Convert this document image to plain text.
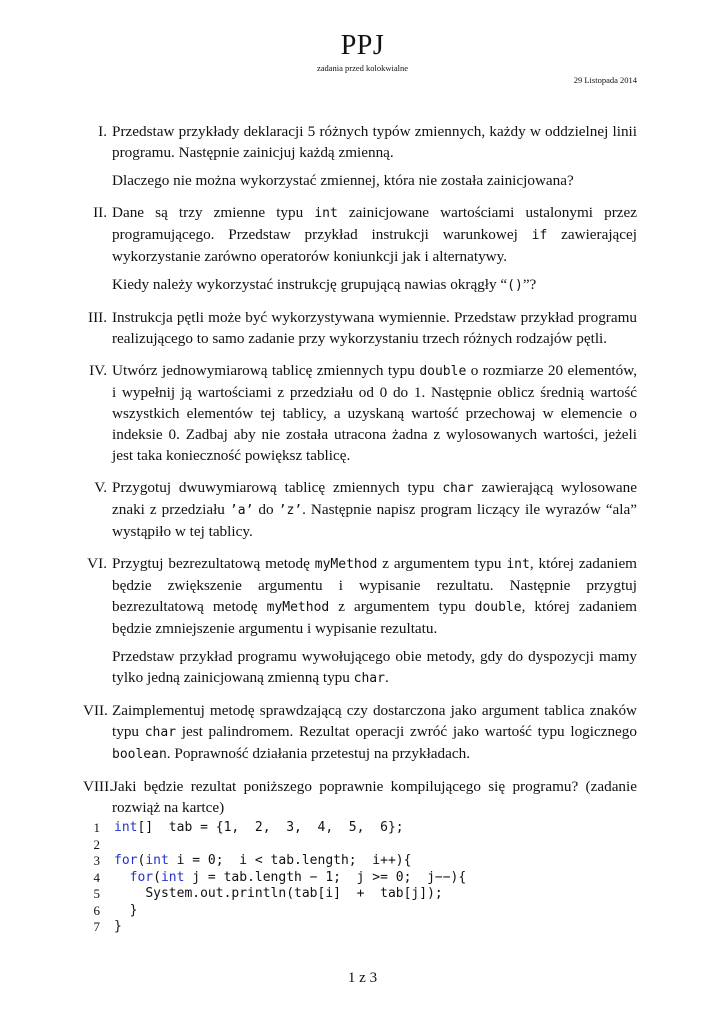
PPJ
zadania przed kolokwialne
29 Listopada 2014
I. Przedstaw przykłady deklaracji 5 różnych typów zmiennych, każdy w oddzielnej linii programu. Następnie zainicjuj każdą zmienną.

Dlaczego nie można wykorzystać zmiennej, która nie została zainicjowana?

II. Dane są trzy zmienne typu int zainicjowane wartościami ustalonymi przez programującego. Przedstaw przykład instrukcji warunkowej if zawierającej wykorzystanie zarówno operatorów koniunkcji jak i alternatywy.

Kiedy należy wykorzystać instrukcję grupującą nawias okrągły “()”?

III. Instrukcja pętli może być wykorzystywana wymiennie. Przedstaw przykład programu realizującego to samo zadanie przy wykorzystaniu trzech różnych rodzajów pętli.

IV. Utwórz jednowymiarową tablicę zmiennych typu double o rozmiarze 20 elementów, i wypełnij ją wartościami z przedziału od 0 do 1. Następnie oblicz średnią wartość wszystkich elementów tej tablicy, a uzyskaną wartość przechowaj w elemencie o indeksie 0. Zadbaj aby nie została utracona żadna z wylosowanych wartości, jeżeli jest taka konieczność powiększ tablicę.

V. Przygotuj dwuwymiarową tablicę zmiennych typu char zawierającą wylosowane znaki z przedziału ’a’ do ’z’. Następnie napisz program liczący ile wyrazów “ala” wystąpiło w tej tablicy.

VI. Przygtuj bezrezultatową metodę myMethod z argumentem typu int, której zadaniem będzie zwiększenie argumentu i wypisanie rezultatu. Następnie przygtuj bezrezultatową metodę myMethod z argumentem typu double, której zadaniem będzie zmniejszenie argumentu i wypisanie rezultatu.

Przedstaw przykład programu wywołującego obie metody, gdy do dyspozycji mamy tylko jedną zainicjowaną zmienną typu char.

VII. Zaimplementuj metodę sprawdzającą czy dostarczona jako argument tablica znaków typu char jest palindromem. Rezultat operacji zwróć jako wartość typu logicznego boolean. Poprawność działania przetestuj na przykładach.

VIII. Jaki będzie rezultat poniższego poprawnie kompilującego się programu? (zadanie rozwiąż na kartce)

1 int[]  tab = {1,  2,  3,  4,  5,  6};
2
3 for(int i = 0;  i < tab.length;  i++){
4	for(int j = tab.length − 1;  j >= 0;  j−−){
5	System.out.println(tab[i]  +  tab[j]);
6	}
7 }
1 z 3
